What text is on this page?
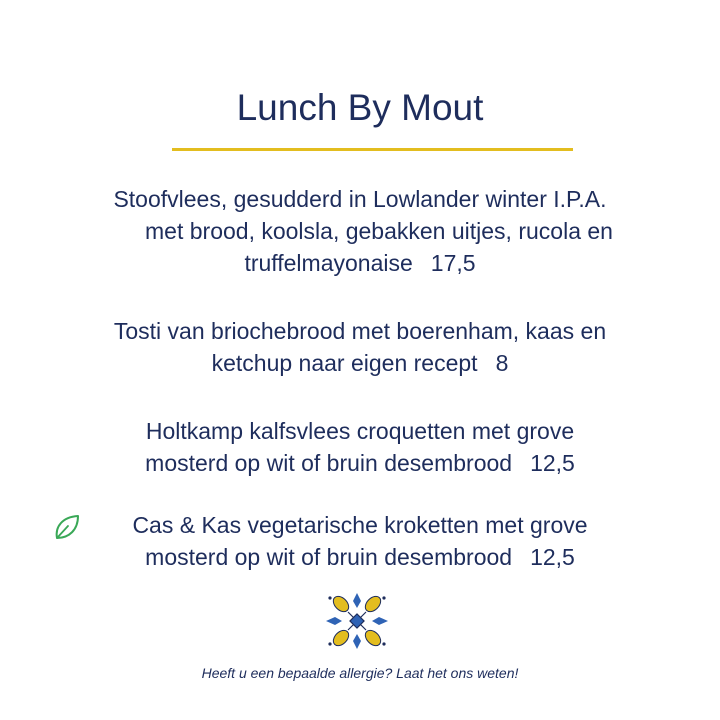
Lunch By Mout
Stoofvlees, gesudderd in Lowlander winter I.P.A.
met brood, koolsla, gebakken uitjes, rucola en
truffelmayonaise 17,5
Tosti van briochebrood met boerenham, kaas en
ketchup naar eigen recept 8
Holtkamp kalfsvlees croquetten met grove
mosterd op wit of bruin desembrood 12,5
Cas & Kas vegetarische kroketten met grove
mosterd op wit of bruin desembrood 12,5
Heeft u een bepaalde allergie? Laat het ons weten!
